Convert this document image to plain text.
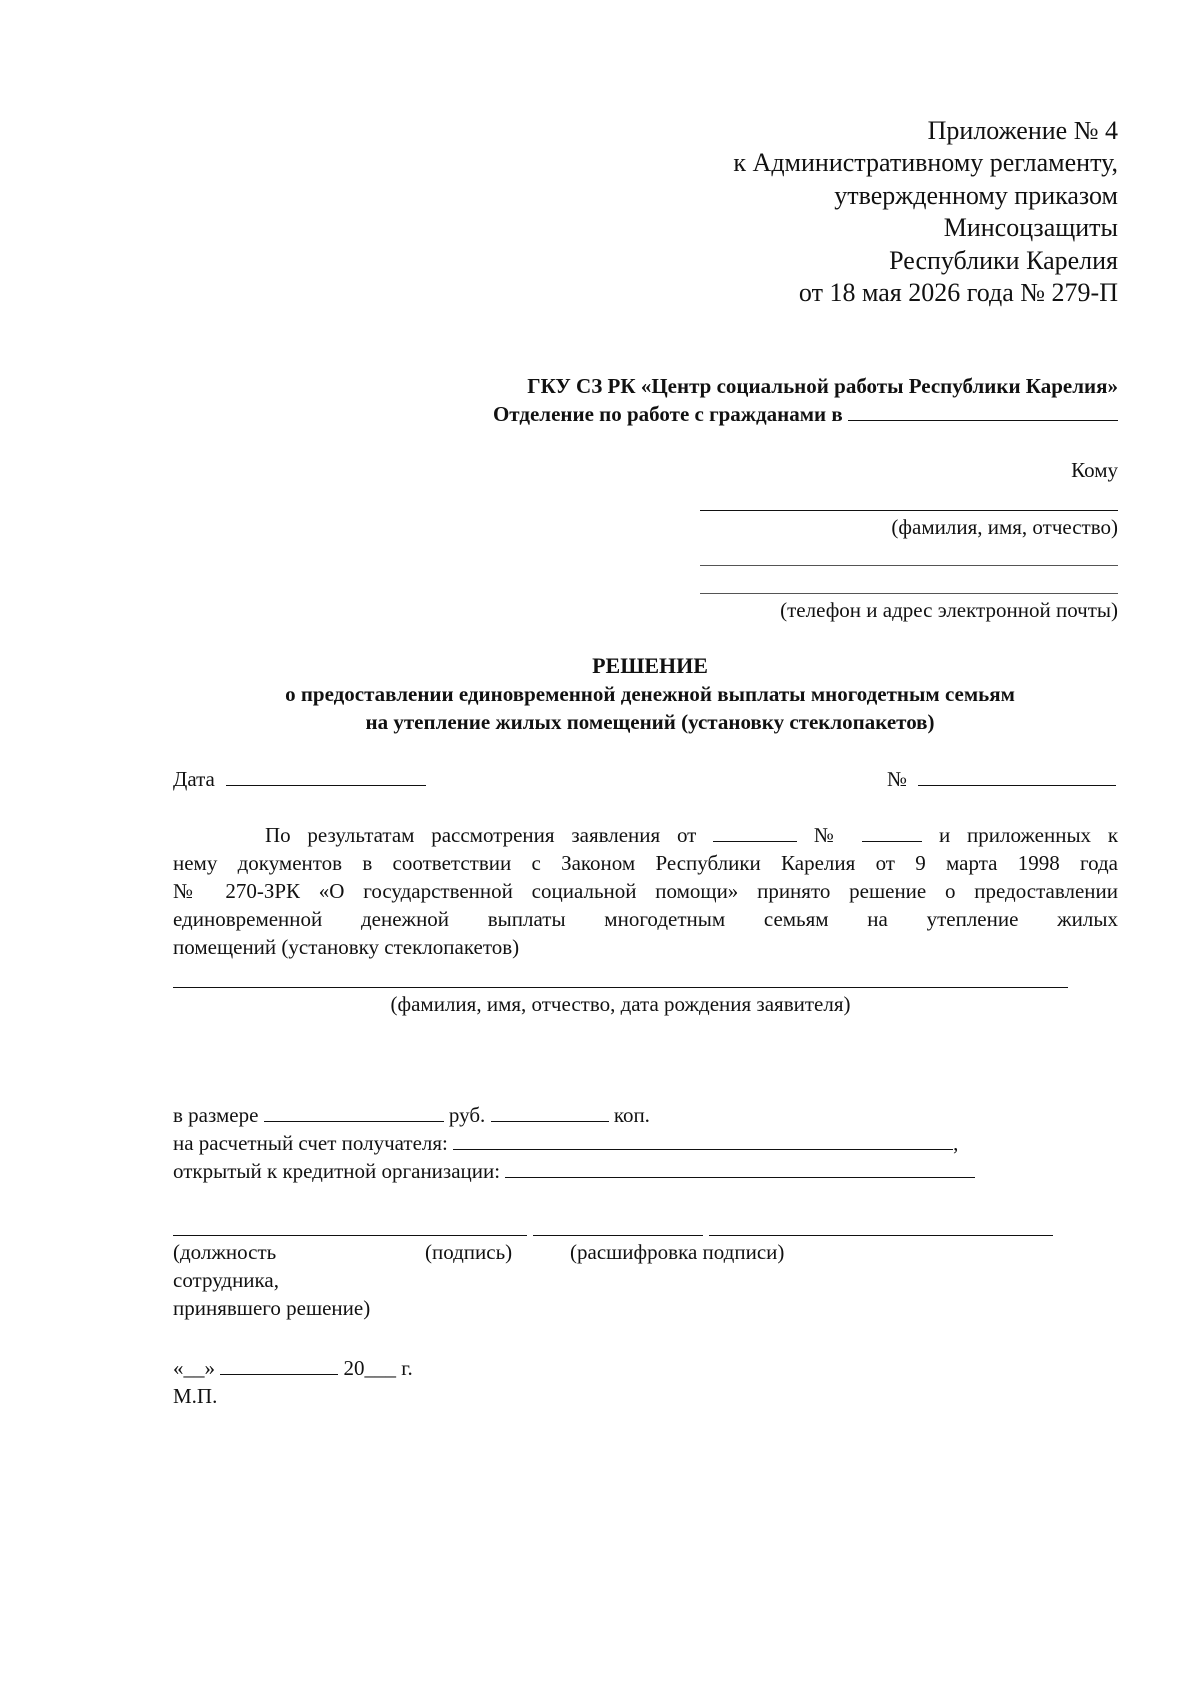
Приложение № 4
к Административному регламенту,
утвержденному приказом
Минсоцзащиты
Республики Карелия
от 18 мая 2026 года № 279-П
ГКУ СЗ РК «Центр социальной работы Республики Карелия»
Отделение по работе с гражданами в
Кому
(фамилия, имя, отчество)
(телефон и адрес электронной почты)
РЕШЕНИЕ
о предоставлении единовременной денежной выплаты многодетным семьям
на утепление жилых помещений (установку стеклопакетов)
Дата	№
По результатам рассмотрения заявления от	№	и приложенных к
нему документов в соответствии с Законом Республики Карелия от 9 марта 1998 года
№ 270-ЗРК «О государственной социальной помощи» принято решение о предоставлении
единовременной денежной выплаты многодетным семьям на утепление жилых
помещений (установку стеклопакетов)
(фамилия, имя, отчество, дата рождения заявителя)
в размере	руб.	коп.
на расчетный счет получателя:	,
открытый к кредитной организации:
(должность
сотрудника,
принявшего решение)
(подпись)	(расшифровка подписи)
«__»	20___ г.
М.П.
